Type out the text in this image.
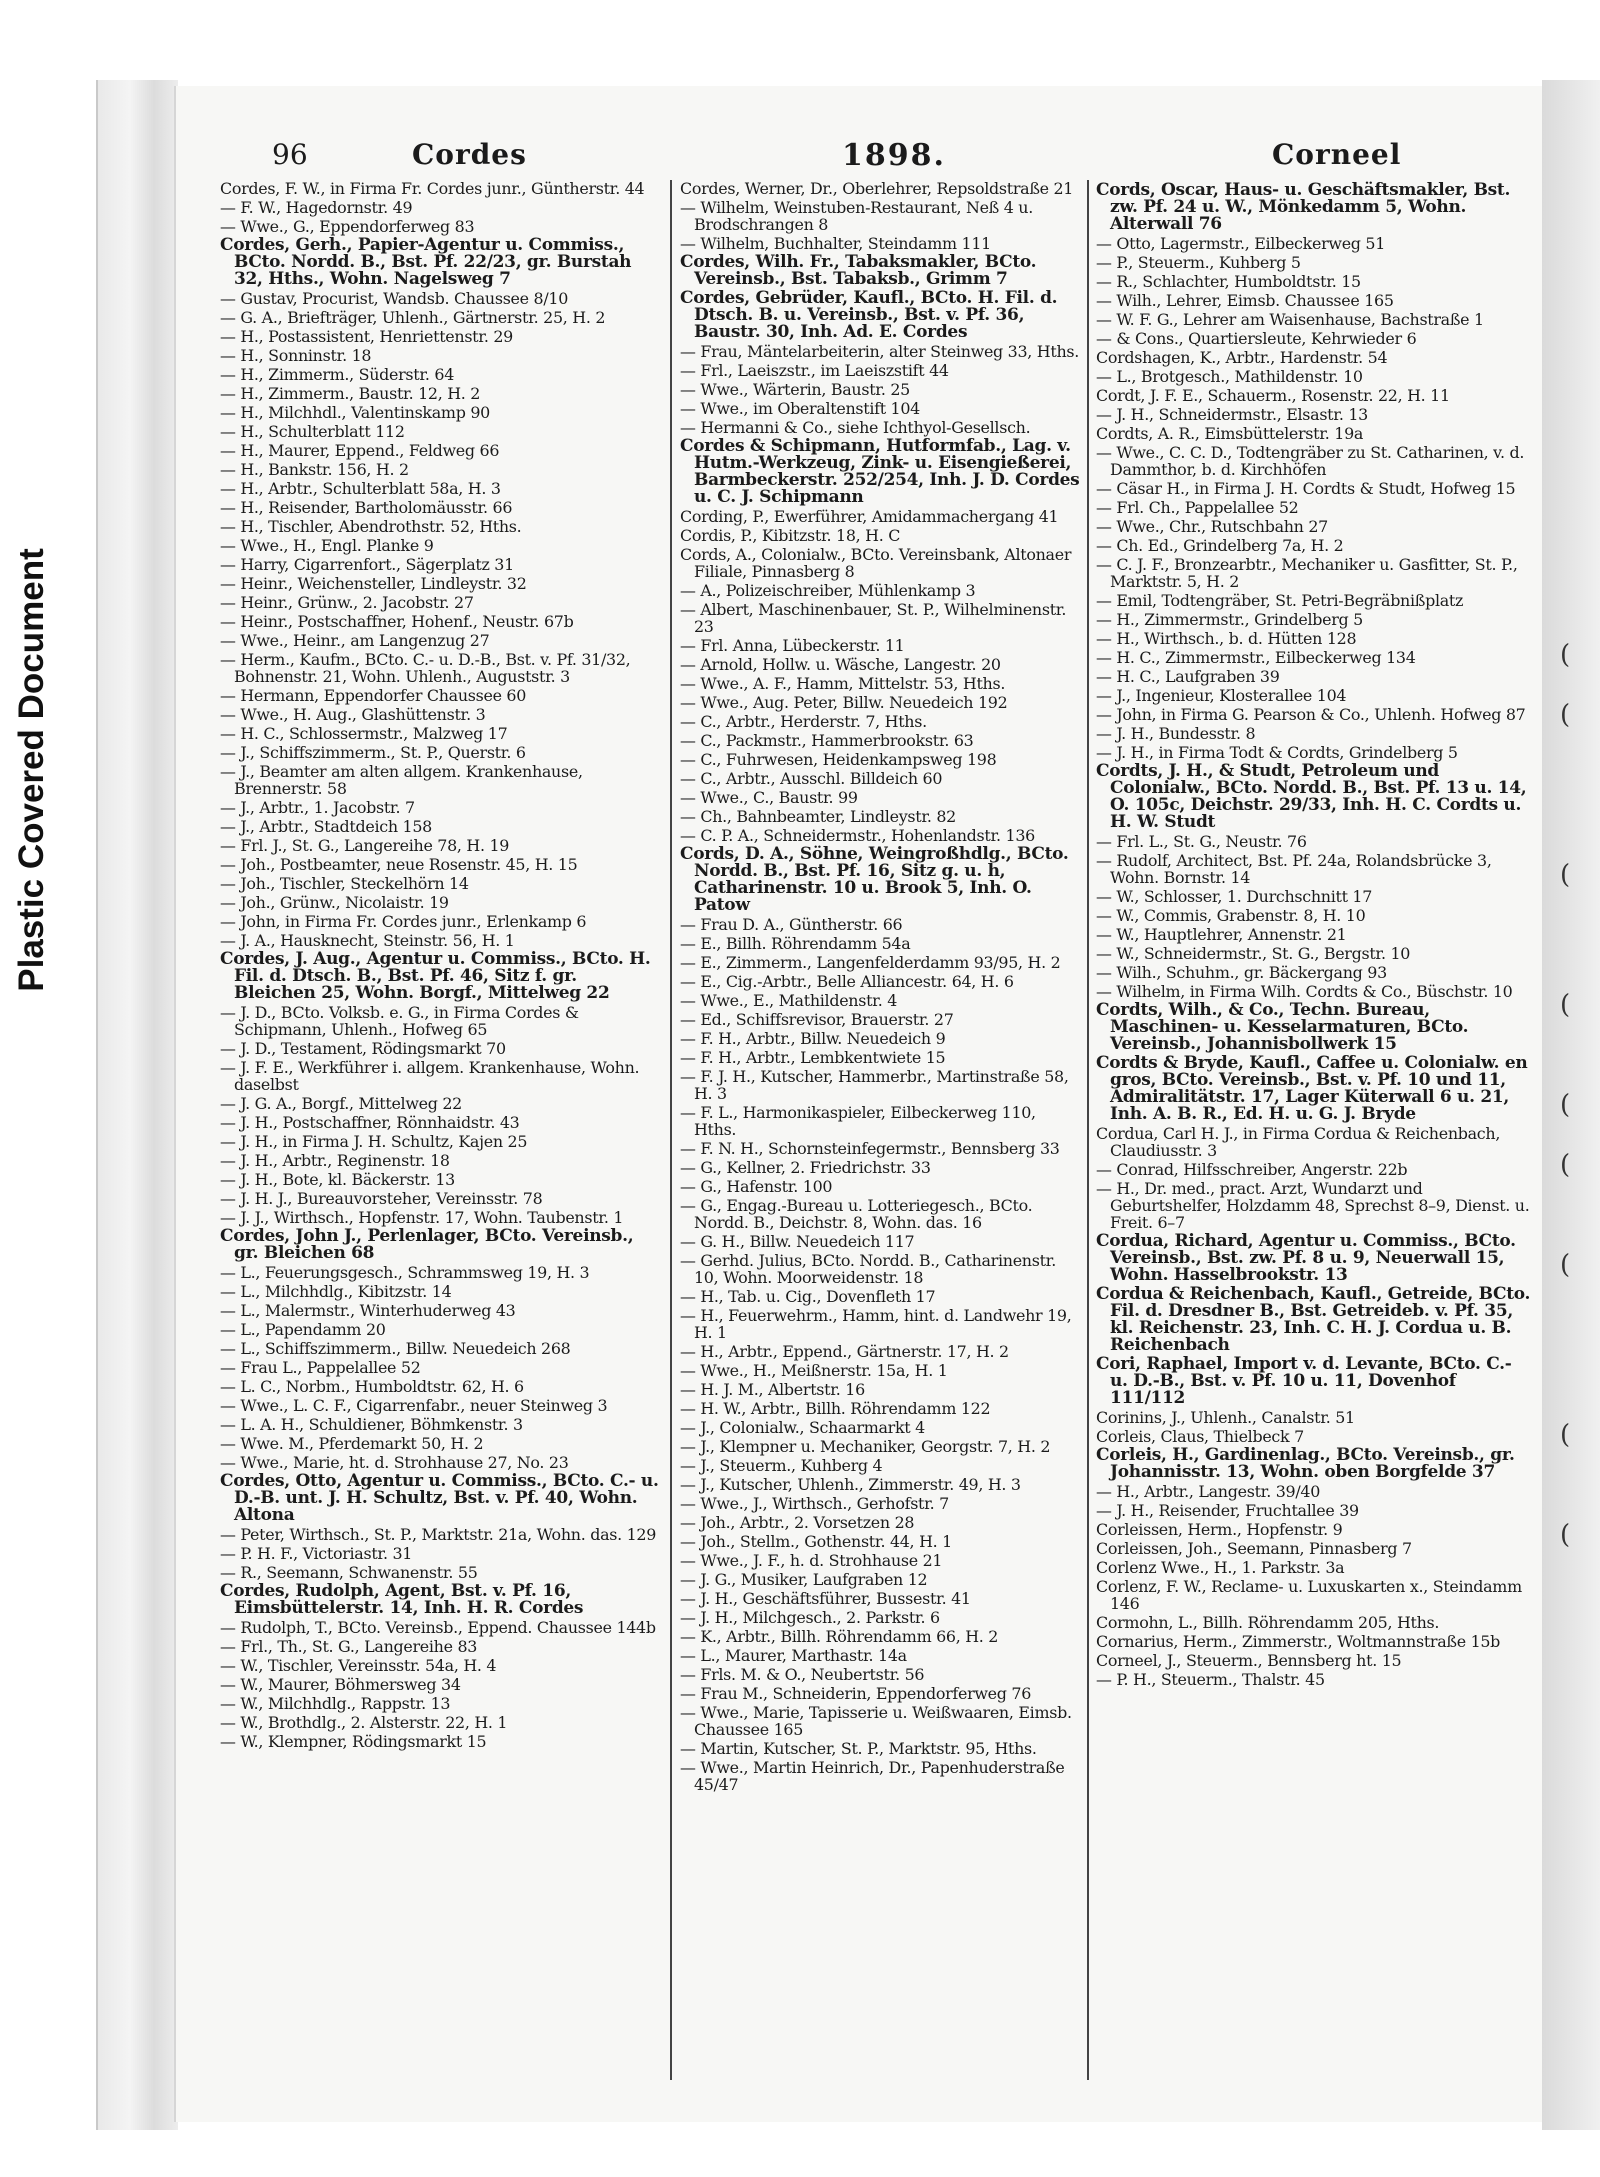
Plastic Covered Document	(
(
(
(
(
(
(
(
(
96	Cordes	1898.	Corneel
Cordes, F. W., in Firma Fr. Cordes junr., Güntherstr. 44
— F. W., Hagedornstr. 49
— Wwe., G., Eppendorferweg 83
Cordes, Gerh., Papier-Agentur u. Commiss., BCto. Nordd. B., Bst. Pf. 22/23, gr. Burstah 32, Hths., Wohn. Nagelsweg 7
— Gustav, Procurist, Wandsb. Chaussee 8/10
— G. A., Briefträger, Uhlenh., Gärtnerstr. 25, H. 2
— H., Postassistent, Henriettenstr. 29
— H., Sonninstr. 18
— H., Zimmerm., Süderstr. 64
— H., Zimmerm., Baustr. 12, H. 2
— H., Milchhdl., Valentinskamp 90
— H., Schulterblatt 112
— H., Maurer, Eppend., Feldweg 66
— H., Bankstr. 156, H. 2
— H., Arbtr., Schulterblatt 58a, H. 3
— H., Reisender, Bartholomäusstr. 66
— H., Tischler, Abendrothstr. 52, Hths.
— Wwe., H., Engl. Planke 9
— Harry, Cigarrenfort., Sägerplatz 31
— Heinr., Weichensteller, Lindleystr. 32
— Heinr., Grünw., 2. Jacobstr. 27
— Heinr., Postschaffner, Hohenf., Neustr. 67b
— Wwe., Heinr., am Langenzug 27
— Herm., Kaufm., BCto. C.- u. D.-B., Bst. v. Pf. 31/32, Bohnenstr. 21, Wohn. Uhlenh., Auguststr. 3
— Hermann, Eppendorfer Chaussee 60
— Wwe., H. Aug., Glashüttenstr. 3
— H. C., Schlossermstr., Malzweg 17
— J., Schiffszimmerm., St. P., Querstr. 6
— J., Beamter am alten allgem. Krankenhause, Brennerstr. 58
— J., Arbtr., 1. Jacobstr. 7
— J., Arbtr., Stadtdeich 158
— Frl. J., St. G., Langereihe 78, H. 19
— Joh., Postbeamter, neue Rosenstr. 45, H. 15
— Joh., Tischler, Steckelhörn 14
— Joh., Grünw., Nicolaistr. 19
— John, in Firma Fr. Cordes junr., Erlenkamp 6
— J. A., Hausknecht, Steinstr. 56, H. 1
Cordes, J. Aug., Agentur u. Commiss., BCto. H. Fil. d. Dtsch. B., Bst. Pf. 46, Sitz f. gr. Bleichen 25, Wohn. Borgf., Mittelweg 22
— J. D., BCto. Volksb. e. G., in Firma Cordes & Schipmann, Uhlenh., Hofweg 65
— J. D., Testament, Rödingsmarkt 70
— J. F. E., Werkführer i. allgem. Krankenhause, Wohn. daselbst
— J. G. A., Borgf., Mittelweg 22
— J. H., Postschaffner, Rönnhaidstr. 43
— J. H., in Firma J. H. Schultz, Kajen 25
— J. H., Arbtr., Reginenstr. 18
— J. H., Bote, kl. Bäckerstr. 13
— J. H. J., Bureauvorsteher, Vereinsstr. 78
— J. J., Wirthsch., Hopfenstr. 17, Wohn. Taubenstr. 1
Cordes, John J., Perlenlager, BCto. Vereinsb., gr. Bleichen 68
— L., Feuerungsgesch., Schrammsweg 19, H. 3
— L., Milchhdlg., Kibitzstr. 14
— L., Malermstr., Winterhuderweg 43
— L., Papendamm 20
— L., Schiffszimmerm., Billw. Neuedeich 268
— Frau L., Pappelallee 52
— L. C., Norbm., Humboldtstr. 62, H. 6
— Wwe., L. C. F., Cigarrenfabr., neuer Steinweg 3
— L. A. H., Schuldiener, Böhmkenstr. 3
— Wwe. M., Pferdemarkt 50, H. 2
— Wwe., Marie, ht. d. Strohhause 27, No. 23
Cordes, Otto, Agentur u. Commiss., BCto. C.- u. D.-B. unt. J. H. Schultz, Bst. v. Pf. 40, Wohn. Altona
— Peter, Wirthsch., St. P., Marktstr. 21a, Wohn. das. 129
— P. H. F., Victoriastr. 31
— R., Seemann, Schwanenstr. 55
Cordes, Rudolph, Agent, Bst. v. Pf. 16, Eimsbüttelerstr. 14, Inh. H. R. Cordes
— Rudolph, T., BCto. Vereinsb., Eppend. Chaussee 144b
— Frl., Th., St. G., Langereihe 83
— W., Tischler, Vereinsstr. 54a, H. 4
— W., Maurer, Böhmersweg 34
— W., Milchhdlg., Rappstr. 13
— W., Brothdlg., 2. Alsterstr. 22, H. 1
— W., Klempner, Rödingsmarkt 15
Cordes, Werner, Dr., Oberlehrer, Repsoldstraße 21
— Wilhelm, Weinstuben-Restaurant, Neß 4 u. Brodschrangen 8
— Wilhelm, Buchhalter, Steindamm 111
Cordes, Wilh. Fr., Tabaksmakler, BCto. Vereinsb., Bst. Tabaksb., Grimm 7
Cordes, Gebrüder, Kaufl., BCto. H. Fil. d. Dtsch. B. u. Vereinsb., Bst. v. Pf. 36, Baustr. 30, Inh. Ad. E. Cordes
— Frau, Mäntelarbeiterin, alter Steinweg 33, Hths.
— Frl., Laeiszstr., im Laeiszstift 44
— Wwe., Wärterin, Baustr. 25
— Wwe., im Oberaltenstift 104
— Hermanni & Co., siehe Ichthyol-Gesellsch.
Cordes & Schipmann, Hutformfab., Lag. v. Hutm.-Werkzeug, Zink- u. Eisengießerei, Barmbeckerstr. 252/254, Inh. J. D. Cordes u. C. J. Schipmann
Cording, P., Ewerführer, Amidammachergang 41
Cordis, P., Kibitzstr. 18, H. C
Cords, A., Colonialw., BCto. Vereinsbank, Altonaer Filiale, Pinnasberg 8
— A., Polizeischreiber, Mühlenkamp 3
— Albert, Maschinenbauer, St. P., Wilhelminenstr. 23
— Frl. Anna, Lübeckerstr. 11
— Arnold, Hollw. u. Wäsche, Langestr. 20
— Wwe., A. F., Hamm, Mittelstr. 53, Hths.
— Wwe., Aug. Peter, Billw. Neuedeich 192
— C., Arbtr., Herderstr. 7, Hths.
— C., Packmstr., Hammerbrookstr. 63
— C., Fuhrwesen, Heidenkampsweg 198
— C., Arbtr., Ausschl. Billdeich 60
— Wwe., C., Baustr. 99
— Ch., Bahnbeamter, Lindleystr. 82
— C. P. A., Schneidermstr., Hohenlandstr. 136
Cords, D. A., Söhne, Weingroßhdlg., BCto. Nordd. B., Bst. Pf. 16, Sitz g. u. h, Catharinenstr. 10 u. Brook 5, Inh. O. Patow
— Frau D. A., Güntherstr. 66
— E., Billh. Röhrendamm 54a
— E., Zimmerm., Langenfelderdamm 93/95, H. 2
— E., Cig.-Arbtr., Belle Alliancestr. 64, H. 6
— Wwe., E., Mathildenstr. 4
— Ed., Schiffsrevisor, Brauerstr. 27
— F. H., Arbtr., Billw. Neuedeich 9
— F. H., Arbtr., Lembkentwiete 15
— F. J. H., Kutscher, Hammerbr., Martinstraße 58, H. 3
— F. L., Harmonikaspieler, Eilbeckerweg 110, Hths.
— F. N. H., Schornsteinfegermstr., Bennsberg 33
— G., Kellner, 2. Friedrichstr. 33
— G., Hafenstr. 100
— G., Engag.-Bureau u. Lotteriegesch., BCto. Nordd. B., Deichstr. 8, Wohn. das. 16
— G. H., Billw. Neuedeich 117
— Gerhd. Julius, BCto. Nordd. B., Catharinenstr. 10, Wohn. Moorweidenstr. 18
— H., Tab. u. Cig., Dovenfleth 17
— H., Feuerwehrm., Hamm, hint. d. Landwehr 19, H. 1
— H., Arbtr., Eppend., Gärtnerstr. 17, H. 2
— Wwe., H., Meißnerstr. 15a, H. 1
— H. J. M., Albertstr. 16
— H. W., Arbtr., Billh. Röhrendamm 122
— J., Colonialw., Schaarmarkt 4
— J., Klempner u. Mechaniker, Georgstr. 7, H. 2
— J., Steuerm., Kuhberg 4
— J., Kutscher, Uhlenh., Zimmerstr. 49, H. 3
— Wwe., J., Wirthsch., Gerhofstr. 7
— Joh., Arbtr., 2. Vorsetzen 28
— Joh., Stellm., Gothenstr. 44, H. 1
— Wwe., J. F., h. d. Strohhause 21
— J. G., Musiker, Laufgraben 12
— J. H., Geschäftsführer, Bussestr. 41
— J. H., Milchgesch., 2. Parkstr. 6
— K., Arbtr., Billh. Röhrendamm 66, H. 2
— L., Maurer, Marthastr. 14a
— Frls. M. & O., Neubertstr. 56
— Frau M., Schneiderin, Eppendorferweg 76
— Wwe., Marie, Tapisserie u. Weißwaaren, Eimsb. Chaussee 165
— Martin, Kutscher, St. P., Marktstr. 95, Hths.
— Wwe., Martin Heinrich, Dr., Papenhuderstraße 45/47
Cords, Oscar, Haus- u. Geschäftsmakler, Bst. zw. Pf. 24 u. W., Mönkedamm 5, Wohn. Alterwall 76
— Otto, Lagermstr., Eilbeckerweg 51
— P., Steuerm., Kuhberg 5
— R., Schlachter, Humboldtstr. 15
— Wilh., Lehrer, Eimsb. Chaussee 165
— W. F. G., Lehrer am Waisenhause, Bachstraße 1
— & Cons., Quartiersleute, Kehrwieder 6
Cordshagen, K., Arbtr., Hardenstr. 54
— L., Brotgesch., Mathildenstr. 10
Cordt, J. F. E., Schauerm., Rosenstr. 22, H. 11
— J. H., Schneidermstr., Elsastr. 13
Cordts, A. R., Eimsbüttelerstr. 19a
— Wwe., C. C. D., Todtengräber zu St. Catharinen, v. d. Dammthor, b. d. Kirchhöfen
— Cäsar H., in Firma J. H. Cordts & Studt, Hofweg 15
— Frl. Ch., Pappelallee 52
— Wwe., Chr., Rutschbahn 27
— Ch. Ed., Grindelberg 7a, H. 2
— C. J. F., Bronzearbtr., Mechaniker u. Gasfitter, St. P., Marktstr. 5, H. 2
— Emil, Todtengräber, St. Petri-Begräbnißplatz
— H., Zimmermstr., Grindelberg 5
— H., Wirthsch., b. d. Hütten 128
— H. C., Zimmermstr., Eilbeckerweg 134
— H. C., Laufgraben 39
— J., Ingenieur, Klosterallee 104
— John, in Firma G. Pearson & Co., Uhlenh. Hofweg 87
— J. H., Bundesstr. 8
— J. H., in Firma Todt & Cordts, Grindelberg 5
Cordts, J. H., & Studt, Petroleum und Colonialw., BCto. Nordd. B., Bst. Pf. 13 u. 14, O. 105c, Deichstr. 29/33, Inh. H. C. Cordts u. H. W. Studt
— Frl. L., St. G., Neustr. 76
— Rudolf, Architect, Bst. Pf. 24a, Rolandsbrücke 3, Wohn. Bornstr. 14
— W., Schlosser, 1. Durchschnitt 17
— W., Commis, Grabenstr. 8, H. 10
— W., Hauptlehrer, Annenstr. 21
— W., Schneidermstr., St. G., Bergstr. 10
— Wilh., Schuhm., gr. Bäckergang 93
— Wilhelm, in Firma Wilh. Cordts & Co., Büschstr. 10
Cordts, Wilh., & Co., Techn. Bureau, Maschinen- u. Kesselarmaturen, BCto. Vereinsb., Johannisbollwerk 15
Cordts & Brydе, Kaufl., Caffee u. Colonialw. en gros, BCto. Vereinsb., Bst. v. Pf. 10 und 11, Admiralitätstr. 17, Lager Küterwall 6 u. 21, Inh. A. B. R., Ed. H. u. G. J. Brydе
Cordua, Carl H. J., in Firma Cordua & Reichenbach, Claudiusstr. 3
— Conrad, Hilfsschreiber, Angerstr. 22b
— H., Dr. med., pract. Arzt, Wundarzt und Geburtshelfer, Holzdamm 48, Sprechst 8–9, Dienst. u. Freit. 6–7
Cordua, Richard, Agentur u. Commiss., BCto. Vereinsb., Bst. zw. Pf. 8 u. 9, Neuerwall 15, Wohn. Hasselbrookstr. 13
Cordua & Reichenbach, Kaufl., Getreide, BCto. Fil. d. Dresdner B., Bst. Getreideb. v. Pf. 35, kl. Reichenstr. 23, Inh. C. H. J. Cordua u. B. Reichenbach
Cori, Raphael, Import v. d. Levante, BCto. C.- u. D.-B., Bst. v. Pf. 10 u. 11, Dovenhof 111/112
Corinins, J., Uhlenh., Canalstr. 51
Corleis, Claus, Thielbeck 7
Corleis, H., Gardinenlag., BCto. Vereinsb., gr. Johannisstr. 13, Wohn. oben Borgfelde 37
— H., Arbtr., Langestr. 39/40
— J. H., Reisender, Fruchtallee 39
Corleissen, Herm., Hopfenstr. 9
Corleissen, Joh., Seemann, Pinnasberg 7
Corlenz Wwe., H., 1. Parkstr. 3a
Corlenz, F. W., Reclame- u. Luxuskarten x., Steindamm 146
Cormohn, L., Billh. Röhrendamm 205, Hths.
Cornarius, Herm., Zimmerstr., Woltmannstraße 15b
Corneel, J., Steuerm., Bennsberg ht. 15
— P. H., Steuerm., Thalstr. 45
